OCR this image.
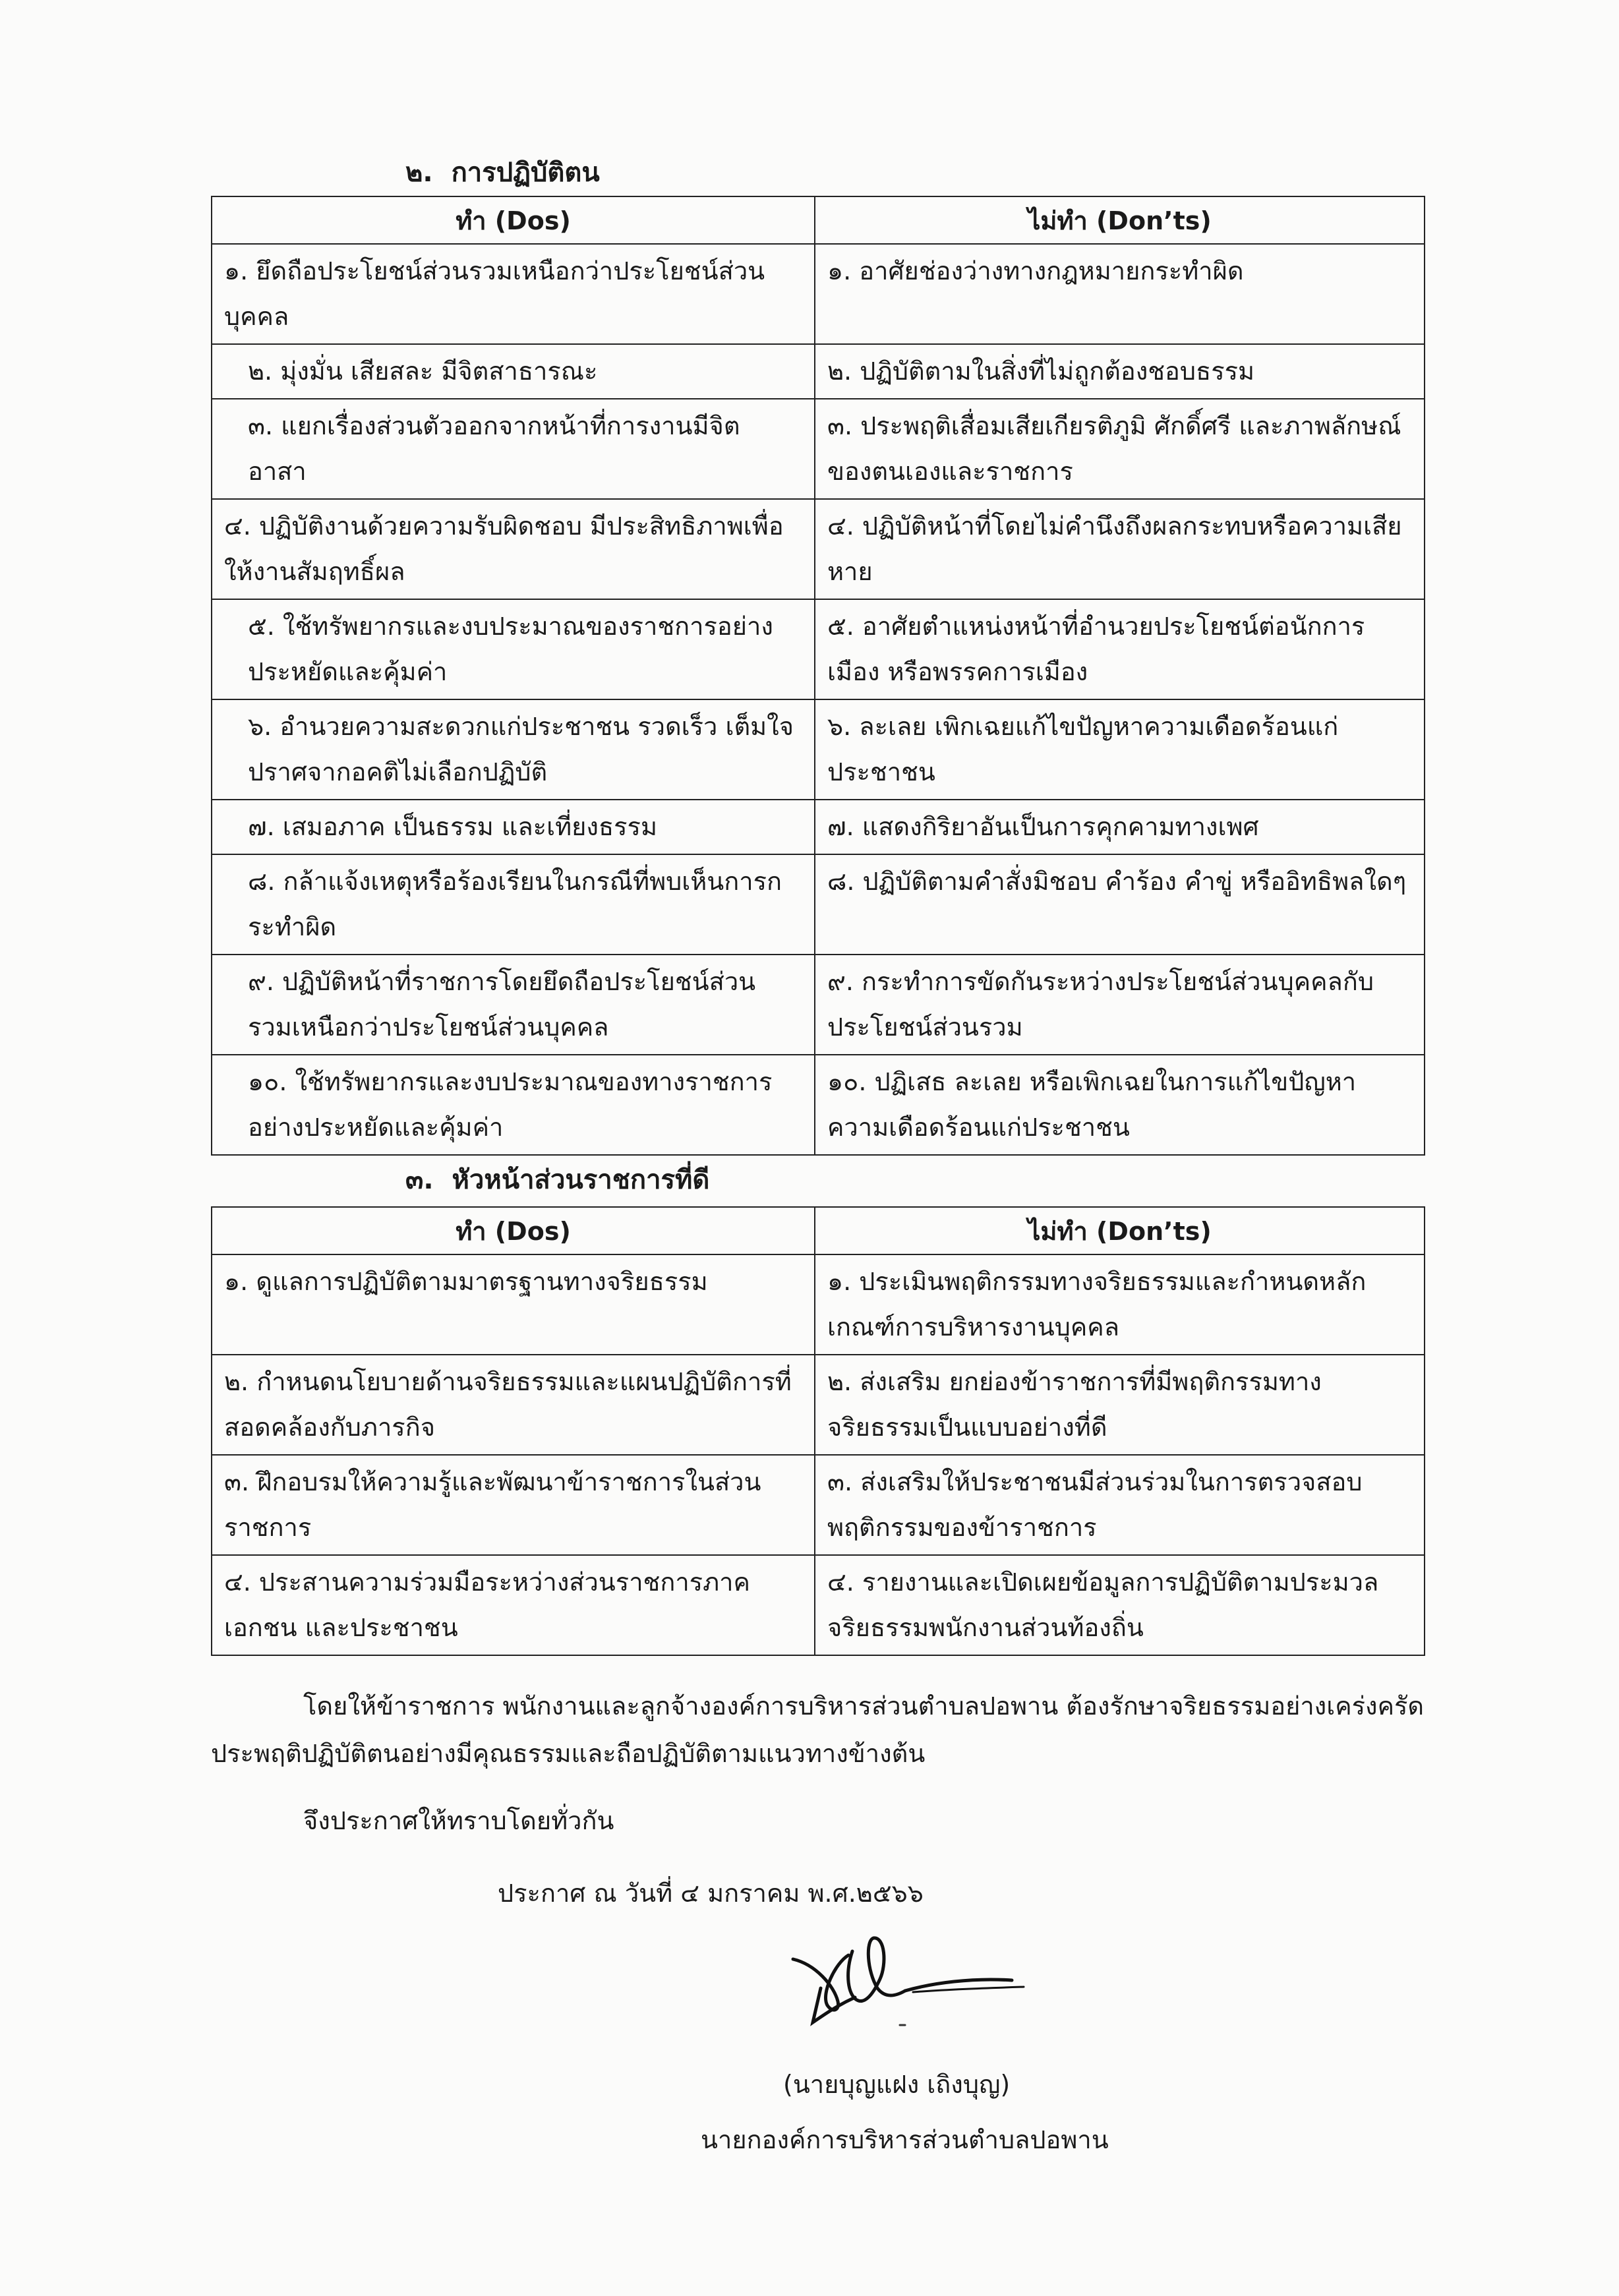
๒. การปฏิบัติตน
ทำ (Dos)	ไม่ทำ (Don’ts)
๑. ยึดถือประโยชน์ส่วนรวมเหนือกว่าประโยชน์ส่วนบุคคล	๑. อาศัยช่องว่างทางกฎหมายกระทำผิด
๒. มุ่งมั่น เสียสละ มีจิตสาธารณะ	๒. ปฏิบัติตามในสิ่งที่ไม่ถูกต้องชอบธรรม
๓. แยกเรื่องส่วนตัวออกจากหน้าที่การงานมีจิตอาสา	๓. ประพฤติเสื่อมเสียเกียรติภูมิ ศักดิ์ศรี และภาพลักษณ์ของตนเองและราชการ
๔. ปฏิบัติงานด้วยความรับผิดชอบ มีประสิทธิภาพเพื่อให้งานสัมฤทธิ์ผล	๔. ปฏิบัติหน้าที่โดยไม่คำนึงถึงผลกระทบหรือความเสียหาย
๕. ใช้ทรัพยากรและงบประมาณของราชการอย่างประหยัดและคุ้มค่า	๕. อาศัยตำแหน่งหน้าที่อำนวยประโยชน์ต่อนักการเมือง หรือพรรคการเมือง
๖. อำนวยความสะดวกแก่ประชาชน รวดเร็ว เต็มใจ ปราศจากอคติไม่เลือกปฏิบัติ	๖. ละเลย เพิกเฉยแก้ไขปัญหาความเดือดร้อนแก่ประชาชน
๗. เสมอภาค เป็นธรรม และเที่ยงธรรม	๗. แสดงกิริยาอันเป็นการคุกคามทางเพศ
๘. กล้าแจ้งเหตุหรือร้องเรียนในกรณีที่พบเห็นการกระทำผิด	๘. ปฏิบัติตามคำสั่งมิชอบ คำร้อง คำขู่ หรืออิทธิพลใดๆ
๙. ปฏิบัติหน้าที่ราชการโดยยึดถือประโยชน์ส่วนรวมเหนือกว่าประโยชน์ส่วนบุคคล	๙. กระทำการขัดกันระหว่างประโยชน์ส่วนบุคคลกับประโยชน์ส่วนรวม
๑๐. ใช้ทรัพยากรและงบประมาณของทางราชการอย่างประหยัดและคุ้มค่า	๑๐. ปฏิเสธ ละเลย หรือเพิกเฉยในการแก้ไขปัญหาความเดือดร้อนแก่ประชาชน
๓. หัวหน้าส่วนราชการที่ดี
ทำ (Dos)	ไม่ทำ (Don’ts)
๑. ดูแลการปฏิบัติตามมาตรฐานทางจริยธรรม	๑. ประเมินพฤติกรรมทางจริยธรรมและกำหนดหลักเกณฑ์การบริหารงานบุคคล
๒. กำหนดนโยบายด้านจริยธรรมและแผนปฏิบัติการที่สอดคล้องกับภารกิจ	๒. ส่งเสริม ยกย่องข้าราชการที่มีพฤติกรรมทางจริยธรรมเป็นแบบอย่างที่ดี
๓. ฝึกอบรมให้ความรู้และพัฒนาข้าราชการในส่วนราชการ	๓. ส่งเสริมให้ประชาชนมีส่วนร่วมในการตรวจสอบพฤติกรรมของข้าราชการ
๔. ประสานความร่วมมือระหว่างส่วนราชการภาคเอกชน และประชาชน	๔. รายงานและเปิดเผยข้อมูลการปฏิบัติตามประมวลจริยธรรมพนักงานส่วนท้องถิ่น
โดยให้ข้าราชการ พนักงานและลูกจ้างองค์การบริหารส่วนตำบลปอพาน ต้องรักษาจริยธรรมอย่างเคร่งครัด ประพฤติปฏิบัติตนอย่างมีคุณธรรมและถือปฏิบัติตามแนวทางข้างต้น
จึงประกาศให้ทราบโดยทั่วกัน
ประกาศ ณ วันที่ ๔ มกราคม พ.ศ.๒๕๖๖
(นายบุญแฝง เถิงบุญ)
นายกองค์การบริหารส่วนตำบลปอพาน
